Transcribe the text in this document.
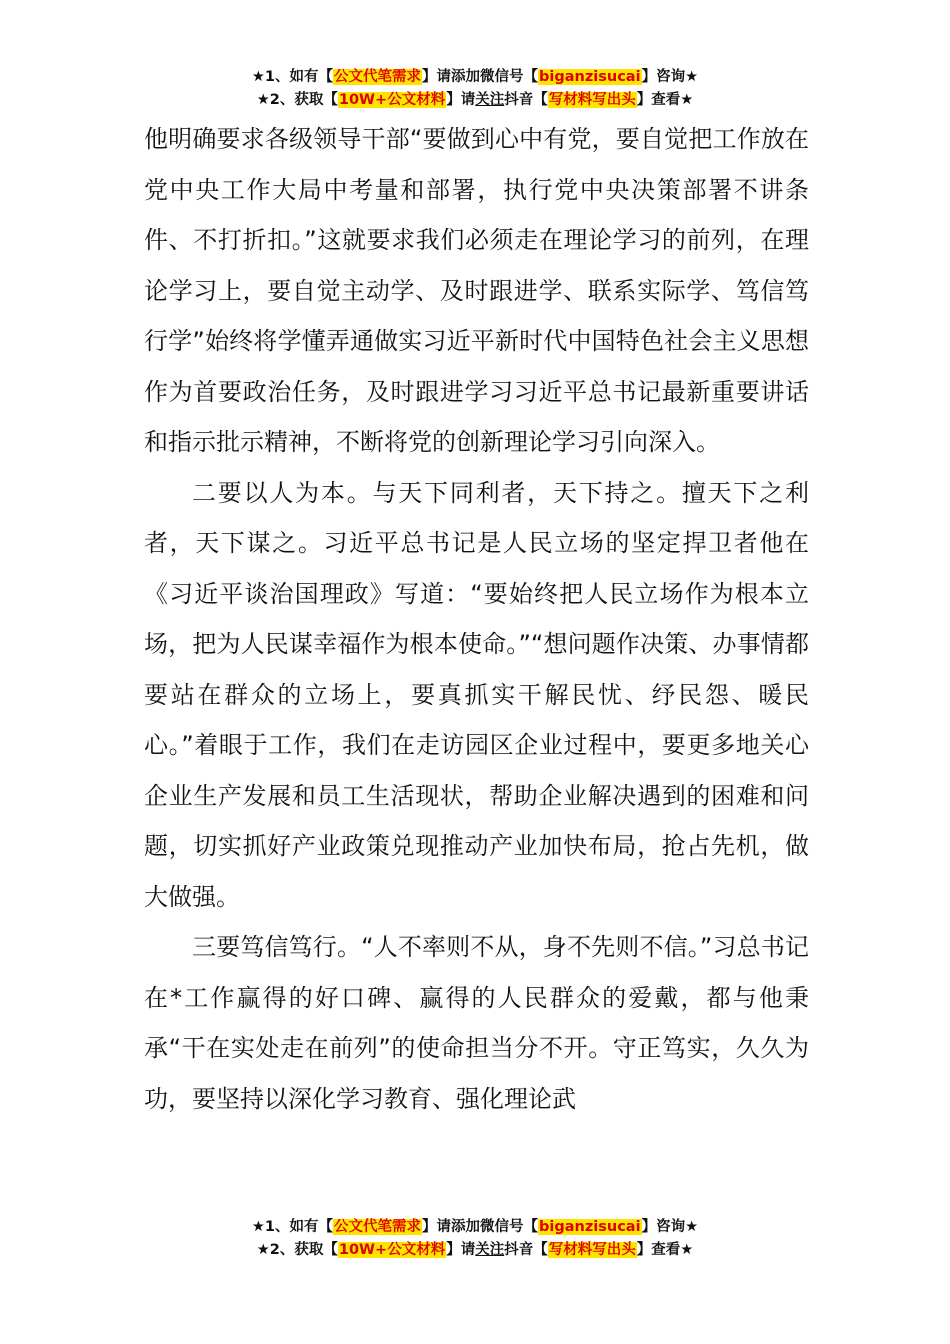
★1、如有【公文代笔需求】请添加微信号【biganzisucai】咨询★
★2、获取【10W+公文材料】请关注抖音【写材料写出头】查看★

他明确要求各级领导干部“要做到心中有党，要自觉把工作放在党中央工作大局中考量和部署，执行党中央决策部署不讲条件、不打折扣。”这就要求我们必须走在理论学习的前列，在理论学习上，要自觉主动学、及时跟进学、联系实际学、笃信笃行学”始终将学懂弄通做实习近平新时代中国特色社会主义思想作为首要政治任务，及时跟进学习习近平总书记最新重要讲话和指示批示精神，不断将党的创新理论学习引向深入。

二要以人为本。与天下同利者，天下持之。擅天下之利者，天下谋之。习近平总书记是人民立场的坚定捍卫者他在《习近平谈治国理政》写道：“要始终把人民立场作为根本立场，把为人民谋幸福作为根本使命。”“想问题作决策、办事情都要站在群众的立场上，要真抓实干解民忧、纾民怨、暖民心。”着眼于工作，我们在走访园区企业过程中，要更多地关心企业生产发展和员工生活现状，帮助企业解决遇到的困难和问题，切实抓好产业政策兑现推动产业加快布局，抢占先机，做大做强。

三要笃信笃行。“人不率则不从，身不先则不信。”习总书记在*工作赢得的好口碑、赢得的人民群众的爱戴，都与他秉承“干在实处走在前列”的使命担当分不开。守正笃实，久久为功，要坚持以深化学习教育、强化理论武

★1、如有【公文代笔需求】请添加微信号【biganzisucai】咨询★
★2、获取【10W+公文材料】请关注抖音【写材料写出头】查看★
